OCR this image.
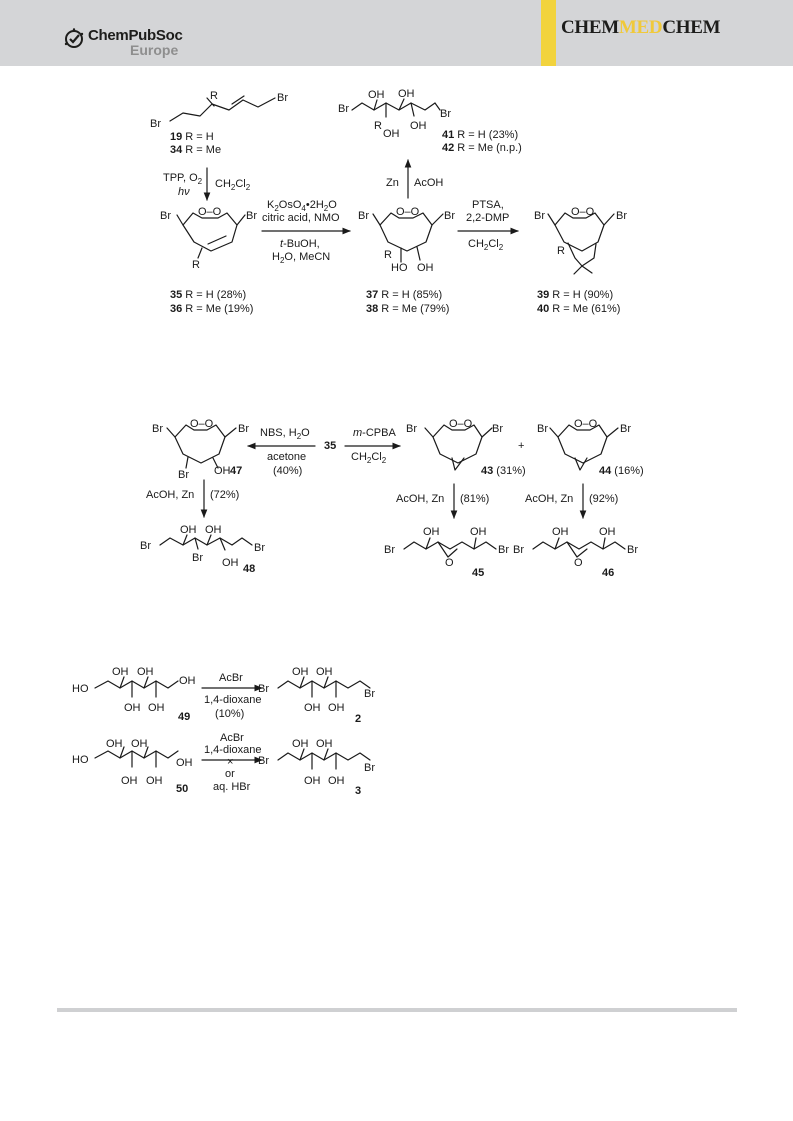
ChemPubSoc
Europe
CHEMMEDCHEM
R
Br
Br
19 R = H
34 R = Me
TPP, $O_2$
hν
$CH_2Cl_2$
O–O
Br	Br
R
$K_2OsO_4•2H_2O$
citric acid, NMO
t-BuOH,
$H_2O$, MeCN
35 R = H (28%)
36 R = Me (19%)
O–O
Br	Br
R
HO OH
37 R = H (85%)
38 R = Me (79%)
PTSA,
2,2-DMP
$CH_2Cl_2$
O–O
Br	Br
R
39 R = H (90%)
40 R = Me (61%)
Zn AcOH
Br	Br
OH OH
R
OH
OH
41 R = H (23%)
42 R = Me (n.p.)
35
NBS, $H_2O$
acetone
(40%)
m-CPBA
$CH_2Cl_2$
O–O
Br	Br
Br OH 47
O–O
Br	Br
43 (31%)
+
O–O
Br	Br
44 (16%)
AcOH, Zn (72%)	AcOH, Zn (81%)	AcOH, Zn (92%)
Br	Br
OH OH
Br OH 48
Br	Br
OH	OH
O
45
Br	Br
OH	OH
O
46
HO
OH
OH OH
OH OH
49
AcBr
1,4-dioxane
(10%)
Br	Br
OH OH
OH OH
2
HO	OH
OH OH
OH OH
50
AcBr
1,4-dioxane
×
or
aq. HBr
Br
Br
OH OH
OH OH
3
